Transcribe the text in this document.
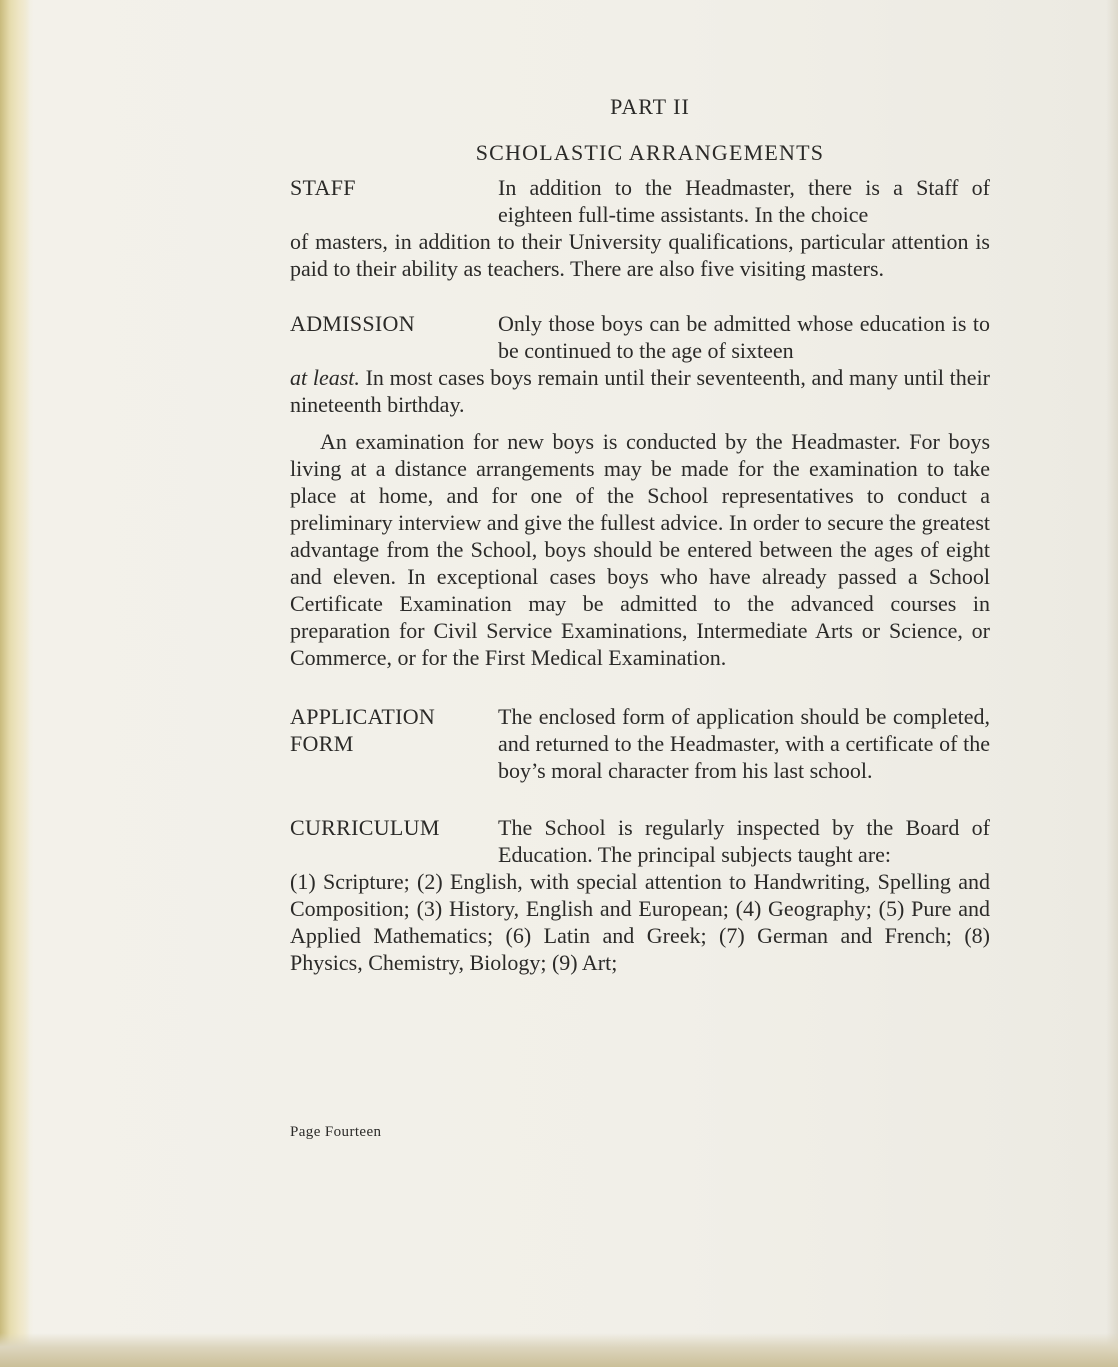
PART II
SCHOLASTIC ARRANGEMENTS
STAFF	In addition to the Headmaster, there is a Staff of eighteen full-time assistants. In the choice
of masters, in addition to their University qualifications, particular attention is paid to their ability as teachers. There are also five visiting masters.
ADMISSION	Only those boys can be admitted whose education is to be continued to the age of sixteen
at least. In most cases boys remain until their seventeenth, and many until their nineteenth birthday.
An examination for new boys is conducted by the Headmaster. For boys living at a distance arrangements may be made for the examination to take place at home, and for one of the School representatives to conduct a preliminary interview and give the fullest advice. In order to secure the greatest advantage from the School, boys should be entered between the ages of eight and eleven. In exceptional cases boys who have already passed a School Certificate Examination may be admitted to the advanced courses in preparation for Civil Service Examinations, Intermediate Arts or Science, or Commerce, or for the First Medical Examination.
APPLICATION
FORM
The enclosed form of application should be completed, and returned to the Headmaster, with a certificate of the boy’s moral character from his last school.
CURRICULUM	The School is regularly inspected by the Board of Education. The principal subjects taught are:
(1) Scripture; (2) English, with special attention to Handwriting, Spelling and Composition; (3) History, English and European; (4) Geography; (5) Pure and Applied Mathematics; (6) Latin and Greek; (7) German and French; (8) Physics, Chemistry, Biology; (9) Art;
Page Fourteen
